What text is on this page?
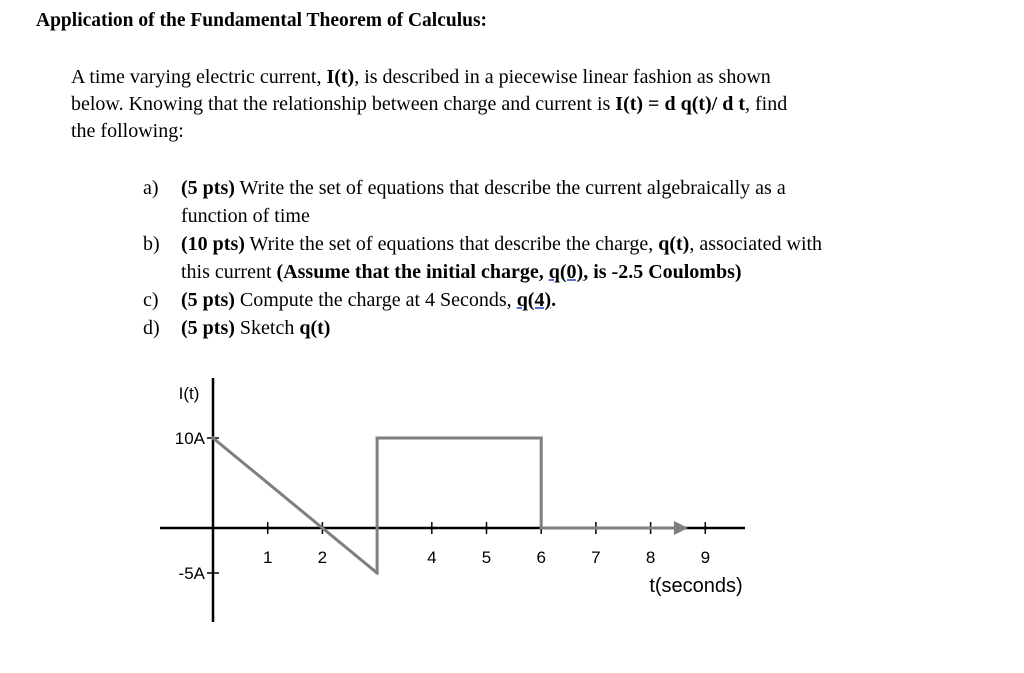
Application of the Fundamental Theorem of Calculus:
A time varying electric current, I(t), is described in a piecewise linear fashion as shown
below. Knowing that the relationship between charge and current is I(t) = d q(t)/ d t, find
the following:
a) (5 pts) Write the set of equations that describe the current algebraically as a
function of time
b) (10 pts) Write the set of equations that describe the charge, q(t), associated with
this current (Assume that the initial charge, q(0), is -2.5 Coulombs)
c) (5 pts) Compute the charge at 4 Seconds, q(4).
d) (5 pts) Sketch q(t)
1	2	4	5	6	7	8	9
10A
-5A
I(t)
t(seconds)
